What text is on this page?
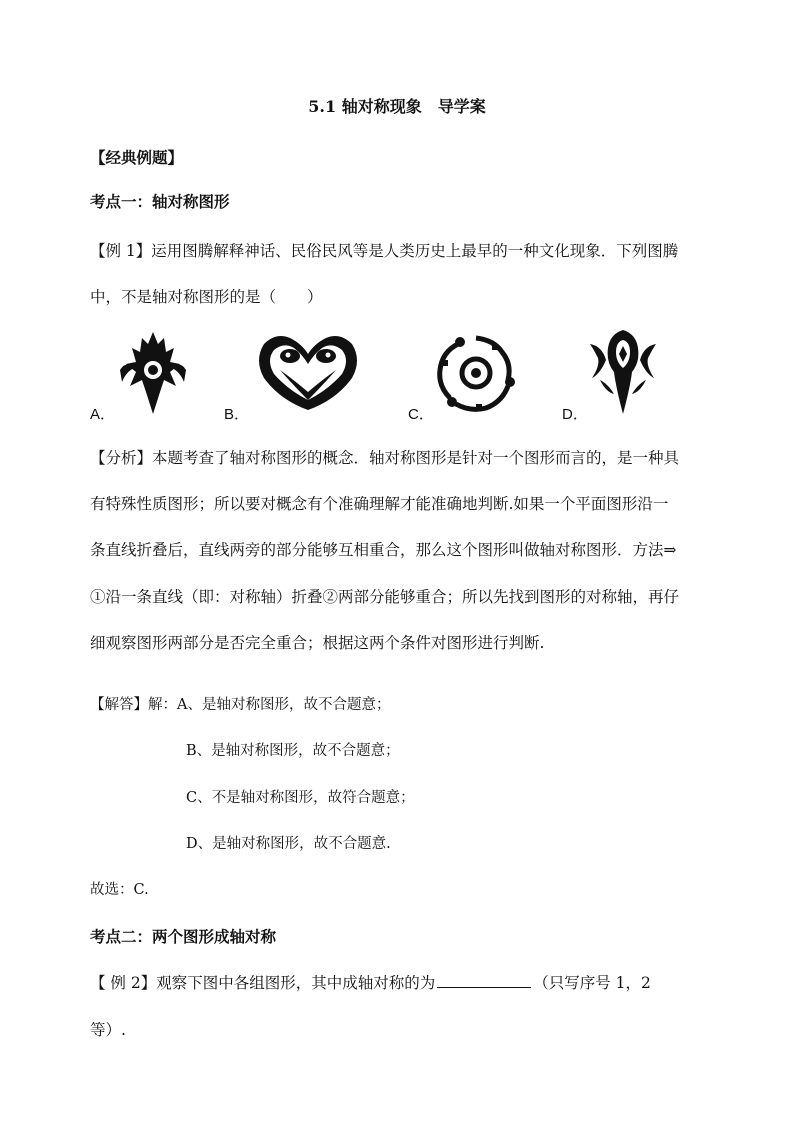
5.1 轴对称现象　导学案
【经典例题】
考点一：轴对称图形
【例 1】运用图腾解释神话、民俗民风等是人类历史上最早的一种文化现象．下列图腾
中，不是轴对称图形的是（　　）
A．	B．	C．	D．
【分析】本题考查了轴对称图形的概念．轴对称图形是针对一个图形而言的，是一种具
有特殊性质图形；所以要对概念有个准确理解才能准确地判断.如果一个平面图形沿一
条直线折叠后，直线两旁的部分能够互相重合，那么这个图形叫做轴对称图形．方法⇒
①沿一条直线（即：对称轴）折叠②两部分能够重合；所以先找到图形的对称轴，再仔
细观察图形两部分是否完全重合；根据这两个条件对图形进行判断.
【解答】解：A、是轴对称图形，故不合题意；
B、是轴对称图形，故不合题意；
C、不是轴对称图形，故符合题意；
D、是轴对称图形，故不合题意.
故选：C.
考点二：两个图形成轴对称
【 例 2】观察下图中各组图形，其中成轴对称的为	（只写序号 1，2
等）.
